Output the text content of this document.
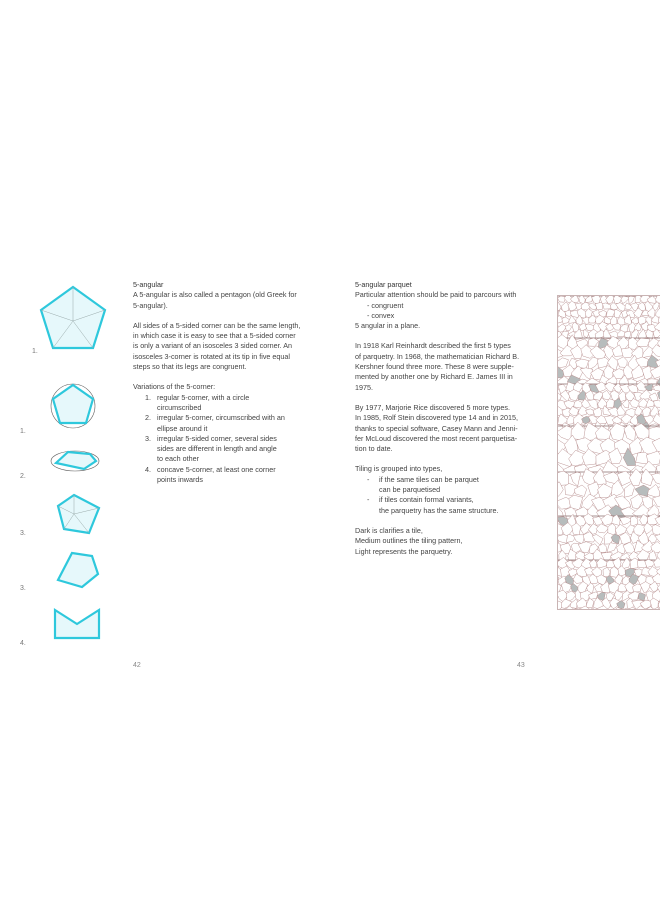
1.
1.
2.
3.
3.
4.

5-angular

A 5-angular is also called a pentagon (old Greek for

5-angular).

All sides of a 5-sided corner can be the same length,

in which case it is easy to see that a 5-sided corner

is only a variant of an isosceles 3 sided corner. An

isosceles 3-corner is rotated at its tip in five equal

steps so that its legs are congruent.

Variations of the 5-corner:

1. regular 5-corner, with a circle

circumscribed

2. irregular 5-corner, circumscribed with an

ellipse around it

3. irregular 5-sided corner, several sides

sides are different in length and angle

to each other

4. concave 5-corner, at least one corner

points inwards

42

5-angular parquet

Particular attention should be paid to parcours with

- congruent

- convex

5 angular in a plane.

In 1918 Karl Reinhardt described the first 5 types

of parquetry. In 1968, the mathematician Richard B.

Kershner found three more. These 8 were supple-

mented by another one by Richard E. James III in

1975.

By 1977, Marjorie Rice discovered 5 more types.

In 1985, Rolf Stein discovered type 14 and in 2015,

thanks to special software, Casey Mann and Jenni-

fer McLoud discovered the most recent parquetisa-

tion to date.

Tiling is grouped into types,

-	if the same tiles can be parquet

can be parquetised

-	if tiles contain formal variants,

the parquetry has the same structure.

Dark is clarifies a tile,

Medium outlines the tiling pattern,

Light represents the parquetry.

43
